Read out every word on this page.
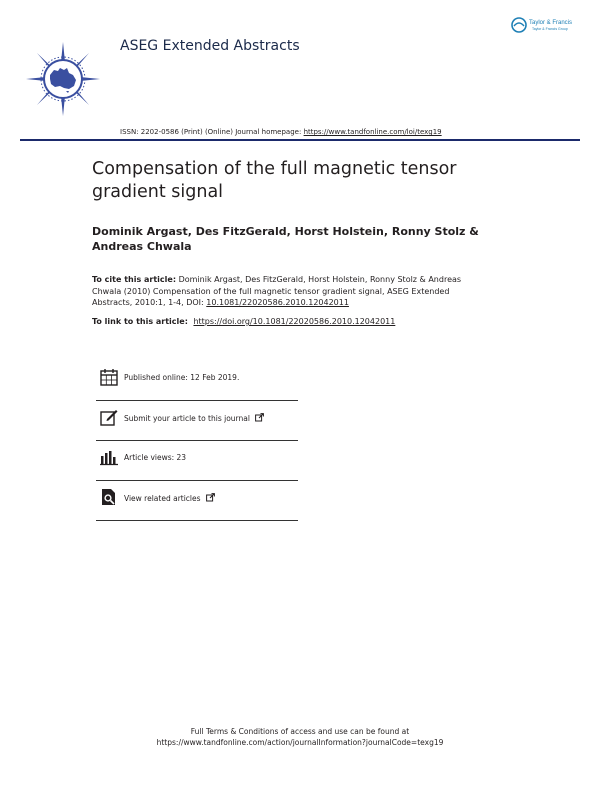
ASEG Extended Abstracts
Taylor & Francis
Taylor & Francis Group
ISSN: 2202-0586 (Print) (Online) Journal homepage: https://www.tandfonline.com/loi/texg19
Compensation of the full magnetic tensor gradient signal
Dominik Argast, Des FitzGerald, Horst Holstein, Ronny Stolz & Andreas Chwala
To cite this article: Dominik Argast, Des FitzGerald, Horst Holstein, Ronny Stolz & Andreas Chwala (2010) Compensation of the full magnetic tensor gradient signal, ASEG Extended Abstracts, 2010:1, 1-4, DOI: 10.1081/22020586.2010.12042011
To link to this article: https://doi.org/10.1081/22020586.2010.12042011
Published online: 12 Feb 2019.
Submit your article to this journal
Article views: 23
View related articles
Full Terms & Conditions of access and use can be found at
https://www.tandfonline.com/action/journalInformation?journalCode=texg19
